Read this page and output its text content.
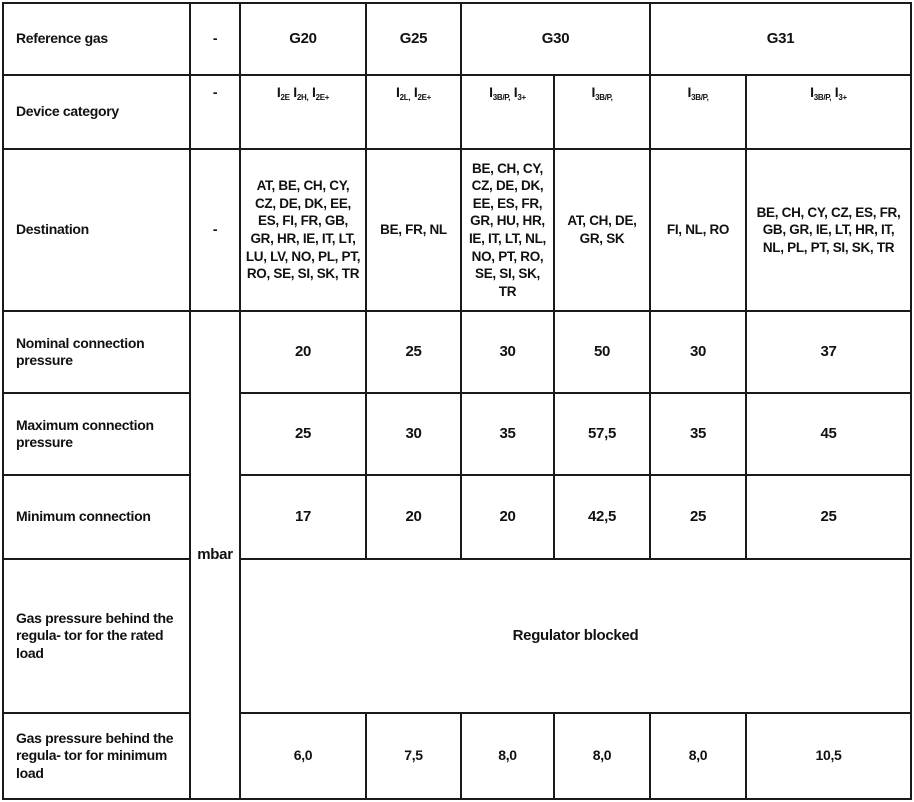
Reference gas	-	G20	G25	G30		G31	
Device category	-	$I_{2E}$ $I_{2H,}$ $I_{2E+}$	$I_{2L,}$ $I_{2E+}$	$I_{3B/P,}$ $I_{3+}$	$I_{3B/P,}$	$I_{3B/P,}$	$I_{3B/P,}$ $I_{3+}$
Destination	-	AT, BE, CH, CY, CZ, DE, DK, EE, ES, FI, FR, GB, GR, HR, IE, IT, LT, LU, LV, NO, PL, PT, RO, SE, SI, SK, TR	BE, FR, NL	BE, CH, CY, CZ, DE, DK, EE, ES, FR, GR, HU, HR, IE, IT, LT, NL, NO, PT, RO, SE, SI, SK, TR	AT, CH, DE, GR, SK	FI, NL, RO	BE, CH, CY, CZ, ES, FR, GB, GR, IE, LT, HR, IT, NL, PL, PT, SI, SK, TR
Nominal connection pressure	mbar	20	25	30	50	30	37
Maximum connection pressure		25	30	35	57,5	35	45
Minimum connection		17	20	20	42,5	25	25
Gas pressure behind the regula- tor for the rated load		Regulator blocked					
Gas pressure behind the regula- tor for minimum load		6,0	7,5	8,0	8,0	8,0	10,5
